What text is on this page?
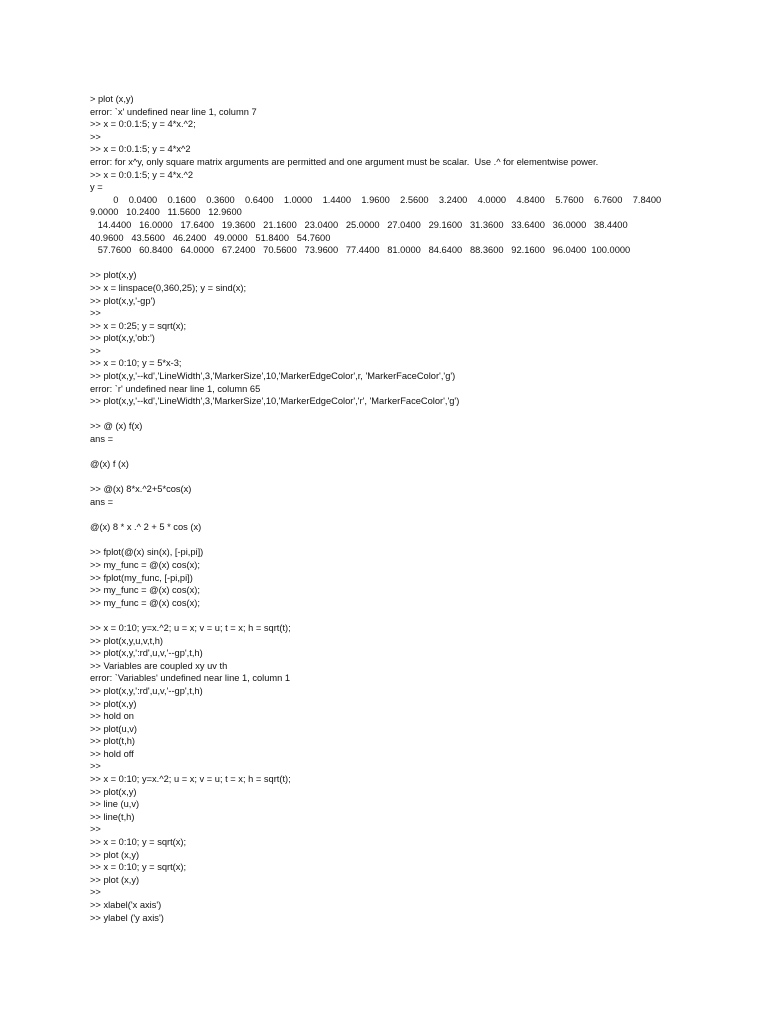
> plot (x,y)
error: `x' undefined near line 1, column 7
>> x = 0:0.1:5; y = 4*x.^2;
>>
>> x = 0:0.1:5; y = 4*x^2
error: for x^y, only square matrix arguments are permitted and one argument must be scalar.  Use .^ for elementwise power.
>> x = 0:0.1:5; y = 4*x.^2
y =
0    0.0400    0.1600    0.3600    0.6400    1.0000    1.4400    1.9600    2.5600    3.2400    4.0000    4.8400    5.7600    6.7600    7.8400
9.0000   10.2400   11.5600   12.9600
14.4400   16.0000   17.6400   19.3600   21.1600   23.0400   25.0000   27.0400   29.1600   31.3600   33.6400   36.0000   38.4400
40.9600   43.5600   46.2400   49.0000   51.8400   54.7600
57.7600   60.8400   64.0000   67.2400   70.5600   73.9600   77.4400   81.0000   84.6400   88.3600   92.1600   96.0400  100.0000
>> plot(x,y)
>> x = linspace(0,360,25); y = sind(x);
>> plot(x,y,'-gp')
>>
>> x = 0:25; y = sqrt(x);
>> plot(x,y,'ob:')
>>
>> x = 0:10; y = 5*x-3;
>> plot(x,y,'--kd','LineWidth',3,'MarkerSize',10,'MarkerEdgeColor',r, 'MarkerFaceColor','g')
error: `r' undefined near line 1, column 65
>> plot(x,y,'--kd','LineWidth',3,'MarkerSize',10,'MarkerEdgeColor','r', 'MarkerFaceColor','g')
>> @ (x) f(x)
ans =
@(x) f (x)
>> @(x) 8*x.^2+5*cos(x)
ans =
@(x) 8 * x .^ 2 + 5 * cos (x)
>> fplot(@(x) sin(x), [-pi,pi])
>> my_func = @(x) cos(x);
>> fplot(my_func, [-pi,pi])
>> my_func = @(x) cos(x);
>> my_func = @(x) cos(x);
>> x = 0:10; y=x.^2; u = x; v = u; t = x; h = sqrt(t);
>> plot(x,y,u,v,t,h)
>> plot(x,y,':rd',u,v,'--gp',t,h)
>> Variables are coupled xy uv th
error: `Variables' undefined near line 1, column 1
>> plot(x,y,':rd',u,v,'--gp',t,h)
>> plot(x,y)
>> hold on
>> plot(u,v)
>> plot(t,h)
>> hold off
>>
>> x = 0:10; y=x.^2; u = x; v = u; t = x; h = sqrt(t);
>> plot(x,y)
>> line (u,v)
>> line(t,h)
>>
>> x = 0:10; y = sqrt(x);
>> plot (x,y)
>> x = 0:10; y = sqrt(x);
>> plot (x,y)
>>
>> xlabel('x axis')
>> ylabel ('y axis')
